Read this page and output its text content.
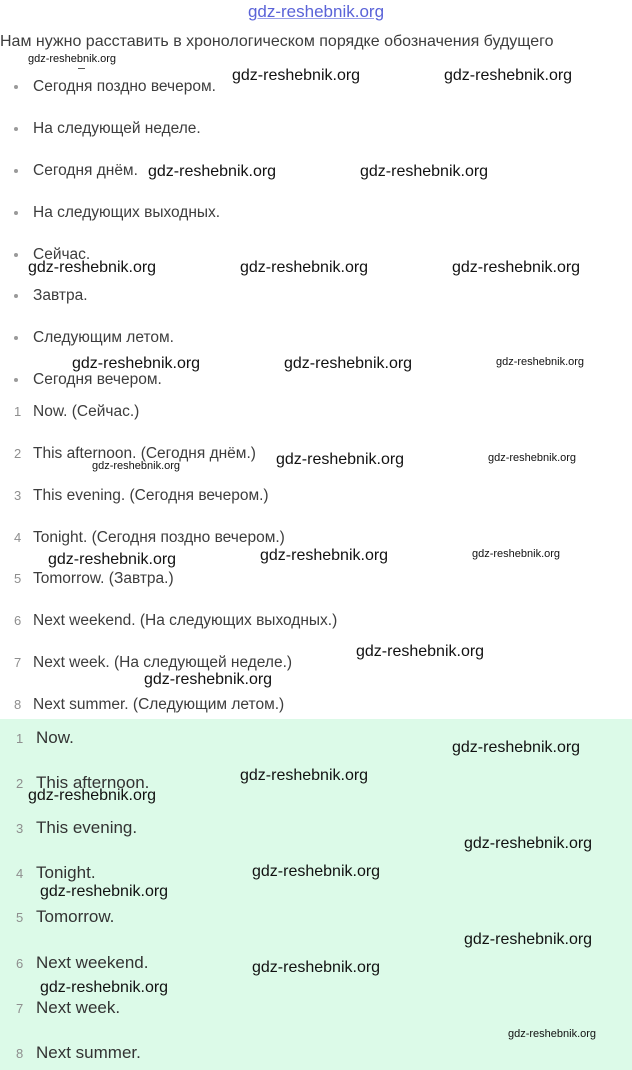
gdz-reshebnik.org
Нам нужно расставить в хронологическом порядке обозначения будущего
Сегодня поздно вечером.
На следующей неделе.
Сегодня днём.
На следующих выходных.
Сейчас.
Завтра.
Следующим летом.
Сегодня вечером.
1 Now. (Сейчас.)
2 This afternoon. (Сегодня днём.)
3 This evening. (Сегодня вечером.)
4 Tonight. (Сегодня поздно вечером.)
5 Tomorrow. (Завтра.)
6 Next weekend. (На следующих выходных.)
7 Next week. (На следующей неделе.)
8 Next summer. (Следующим летом.)
1 Now.
2 This afternoon.
3 This evening.
4 Tonight.
5 Tomorrow.
6 Next weekend.
7 Next week.
8 Next summer.
gdz-reshebnik.org
gdz-reshebnik.org	gdz-reshebnik.org
gdz-reshebnik.org	gdz-reshebnik.org
gdz-reshebnik.org	gdz-reshebnik.org	gdz-reshebnik.org
gdz-reshebnik.org	gdz-reshebnik.org	gdz-reshebnik.org
gdz-reshebnik.org	gdz-reshebnik.org
gdz-reshebnik.org
gdz-reshebnik.org	gdz-reshebnik.org	gdz-reshebnik.org
gdz-reshebnik.org
gdz-reshebnik.org
gdz-reshebnik.org
gdz-reshebnik.org
gdz-reshebnik.org
gdz-reshebnik.org
gdz-reshebnik.org
gdz-reshebnik.org
gdz-reshebnik.org
gdz-reshebnik.org
gdz-reshebnik.org
gdz-reshebnik.org
